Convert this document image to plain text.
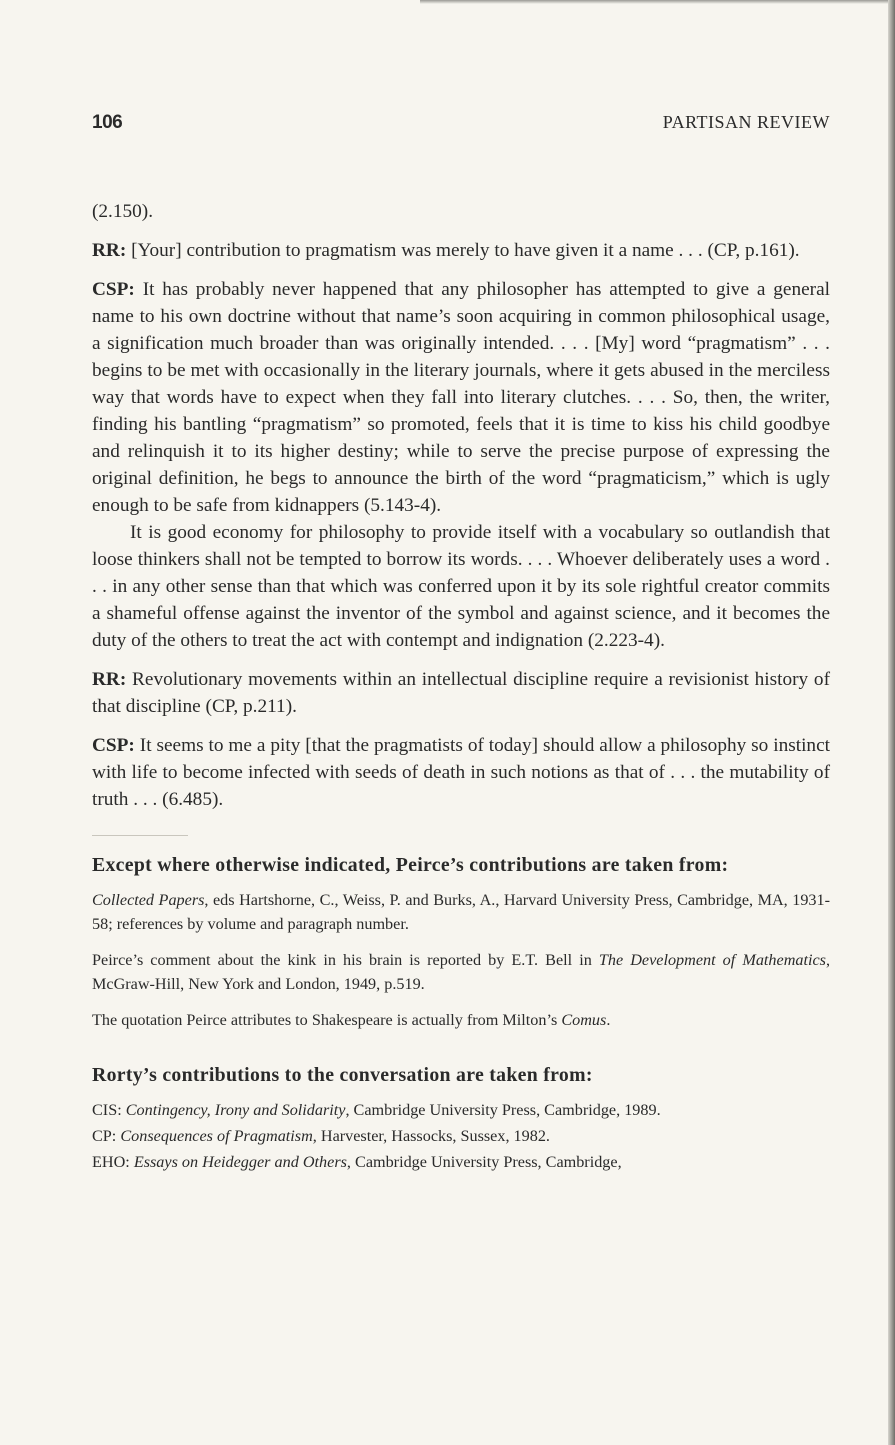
106	PARTISAN REVIEW

(2.150).

RR: [Your] contribution to pragmatism was merely to have given it a name . . . (CP, p.161).

CSP: It has probably never happened that any philosopher has attempted to give a general name to his own doctrine without that name’s soon acquiring in common philosophical usage, a signification much broader than was originally intended. . . . [My] word “pragmatism” . . . begins to be met with occasionally in the literary journals, where it gets abused in the merciless way that words have to expect when they fall into literary clutches. . . . So, then, the writer, finding his bantling “pragmatism” so promoted, feels that it is time to kiss his child goodbye and relinquish it to its higher destiny; while to serve the precise purpose of expressing the original definition, he begs to announce the birth of the word “pragmaticism,” which is ugly enough to be safe from kidnappers (5.143-4).

It is good economy for philosophy to provide itself with a vocabulary so outlandish that loose thinkers shall not be tempted to borrow its words. . . . Whoever deliberately uses a word . . . in any other sense than that which was conferred upon it by its sole rightful creator commits a shameful offense against the inventor of the symbol and against science, and it becomes the duty of the others to treat the act with contempt and indignation (2.223-4).

RR: Revolutionary movements within an intellectual discipline require a revisionist history of that discipline (CP, p.211).

CSP: It seems to me a pity [that the pragmatists of today] should allow a philosophy so instinct with life to become infected with seeds of death in such notions as that of . . . the mutability of truth . . . (6.485).

Except where otherwise indicated, Peirce’s contributions are taken from:

Collected Papers, eds Hartshorne, C., Weiss, P. and Burks, A., Harvard University Press, Cambridge, MA, 1931-58; references by volume and paragraph number.

Peirce’s comment about the kink in his brain is reported by E.T. Bell in The Development of Mathematics, McGraw-Hill, New York and London, 1949, p.519.

The quotation Peirce attributes to Shakespeare is actually from Milton’s Comus.

Rorty’s contributions to the conversation are taken from:

CIS: Contingency, Irony and Solidarity, Cambridge University Press, Cambridge, 1989.

CP: Consequences of Pragmatism, Harvester, Hassocks, Sussex, 1982.

EHO: Essays on Heidegger and Others, Cambridge University Press, Cambridge,
